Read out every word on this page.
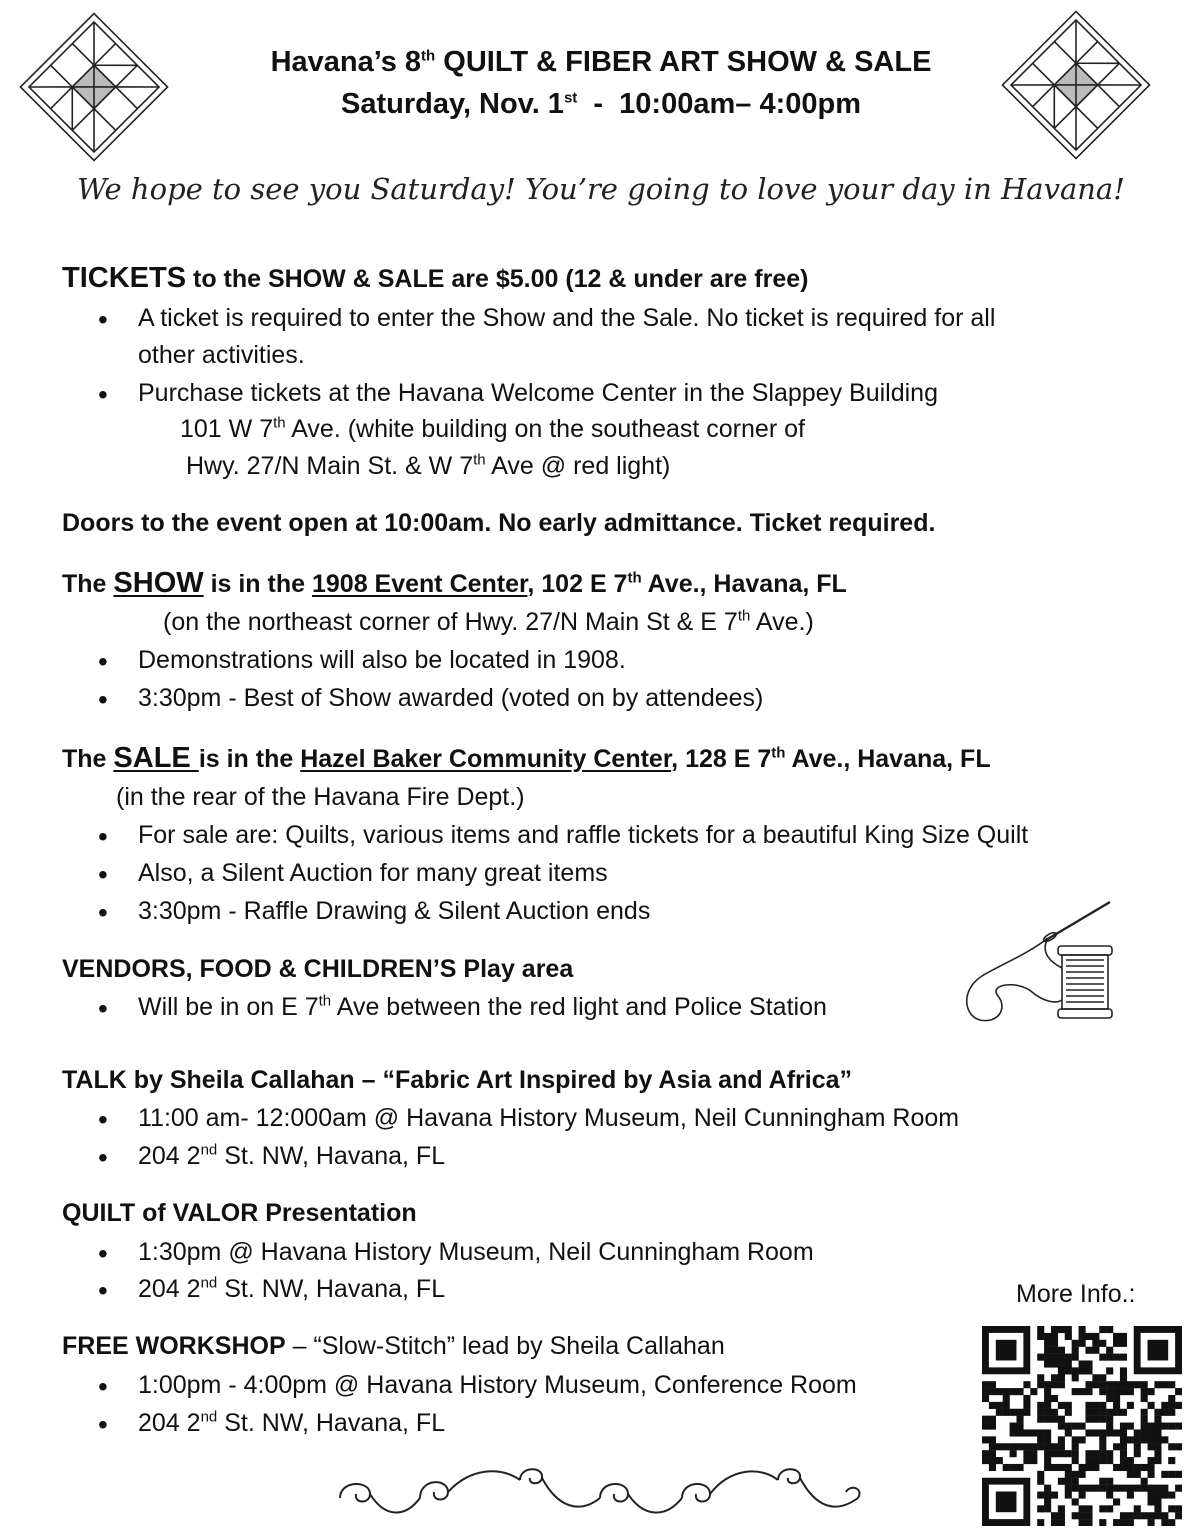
Havana’s 8th QUILT & FIBER ART SHOW & SALE
Saturday, Nov. 1st  -  10:00am– 4:00pm
We hope to see you Saturday! You’re going to love your day in Havana!
TICKETS to the SHOW & SALE are $5.00 (12 & under are free)
• A ticket is required to enter the Show and the Sale. No ticket is required for all
other activities.
• Purchase tickets at the Havana Welcome Center in the Slappey Building
101 W 7th Ave. (white building on the southeast corner of
Hwy. 27/N Main St. & W 7th Ave @ red light)
Doors to the event open at 10:00am. No early admittance. Ticket required.
The SHOW is in the 1908 Event Center, 102 E 7th Ave., Havana, FL
(on the northeast corner of Hwy. 27/N Main St & E 7th Ave.)
• Demonstrations will also be located in 1908.
• 3:30pm - Best of Show awarded (voted on by attendees)
The SALE is in the Hazel Baker Community Center, 128 E 7th Ave., Havana, FL
(in the rear of the Havana Fire Dept.)
• For sale are: Quilts, various items and raffle tickets for a beautiful King Size Quilt
• Also, a Silent Auction for many great items
• 3:30pm - Raffle Drawing & Silent Auction ends
VENDORS, FOOD & CHILDREN’S Play area
• Will be in on E 7th Ave between the red light and Police Station
TALK by Sheila Callahan – “Fabric Art Inspired by Asia and Africa”
• 11:00 am- 12:000am @ Havana History Museum, Neil Cunningham Room
• 204 2nd St. NW, Havana, FL
QUILT of VALOR Presentation
• 1:30pm @ Havana History Museum, Neil Cunningham Room
• 204 2nd St. NW, Havana, FL
FREE WORKSHOP – “Slow-Stitch” lead by Sheila Callahan
• 1:00pm - 4:00pm @ Havana History Museum, Conference Room
• 204 2nd St. NW, Havana, FL
More Info.:
